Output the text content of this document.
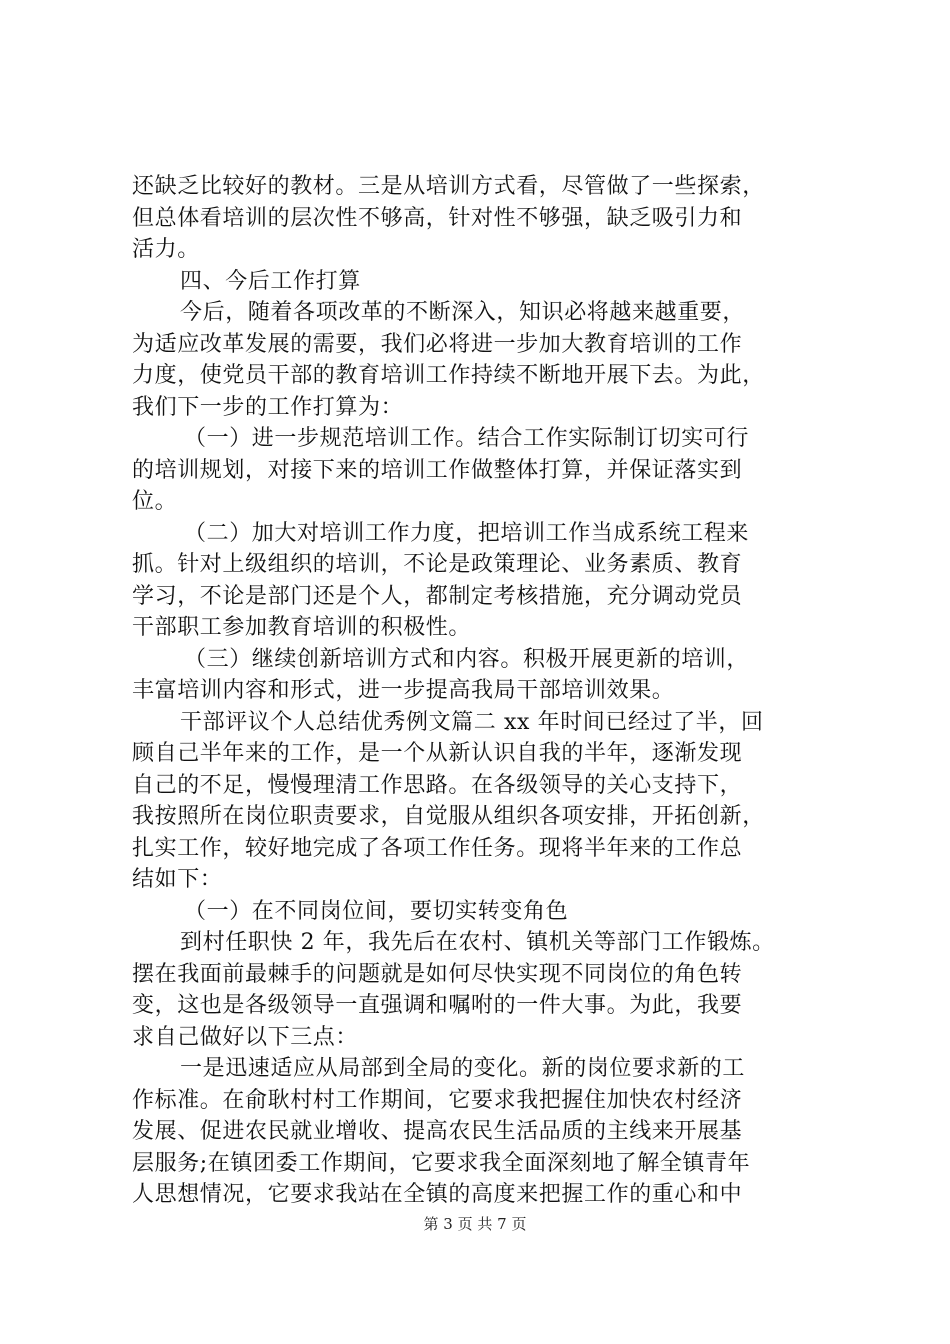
还缺乏比较好的教材。三是从培训方式看，尽管做了一些探索，
但总体看培训的层次性不够高，针对性不够强，缺乏吸引力和
活力。
四、今后工作打算
今后，随着各项改革的不断深入，知识必将越来越重要，
为适应改革发展的需要，我们必将进一步加大教育培训的工作
力度，使党员干部的教育培训工作持续不断地开展下去。为此，
我们下一步的工作打算为：
（一）进一步规范培训工作。结合工作实际制订切实可行
的培训规划，对接下来的培训工作做整体打算，并保证落实到
位。
（二）加大对培训工作力度，把培训工作当成系统工程来
抓。针对上级组织的培训，不论是政策理论、业务素质、教育
学习，不论是部门还是个人，都制定考核措施，充分调动党员
干部职工参加教育培训的积极性。
（三）继续创新培训方式和内容。积极开展更新的培训，
丰富培训内容和形式，进一步提高我局干部培训效果。
干部评议个人总结优秀例文篇二 xx 年时间已经过了半，回
顾自己半年来的工作，是一个从新认识自我的半年，逐渐发现
自己的不足，慢慢理清工作思路。在各级领导的关心支持下，
我按照所在岗位职责要求，自觉服从组织各项安排，开拓创新，
扎实工作，较好地完成了各项工作任务。现将半年来的工作总
结如下：
（一）在不同岗位间，要切实转变角色
到村任职快 2 年，我先后在农村、镇机关等部门工作锻炼。
摆在我面前最棘手的问题就是如何尽快实现不同岗位的角色转
变，这也是各级领导一直强调和嘱咐的一件大事。为此，我要
求自己做好以下三点：
一是迅速适应从局部到全局的变化。新的岗位要求新的工
作标准。在俞耿村村工作期间，它要求我把握住加快农村经济
发展、促进农民就业增收、提高农民生活品质的主线来开展基
层服务;在镇团委工作期间，它要求我全面深刻地了解全镇青年
人思想情况，它要求我站在全镇的高度来把握工作的重心和中
第 3 页 共 7 页
